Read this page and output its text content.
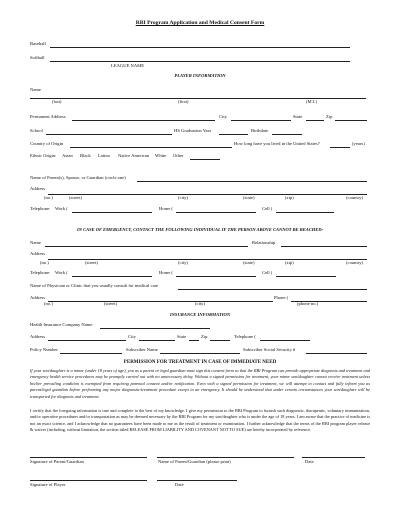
RBI Program Application and Medical Consent Form
Baseball
Softball
LEAGUE NAME
PLAYER INFORMATION
Name
(last)	(first)	(M.I.)
Permanent Address	City	State	Zip
School	HS Graduation Year	Birthdate
Country of Origin	How long have you lived in the United States?	(years)
Ethnic Origin: Asian Black Latino Native American White Other
Name of Parent(s), Spouse, or Guardian (circle one)
Address
(no.)	(street)	(city)	(state)	(zip)	(country)
Telephone: Work (	Home (	Cell (
IN CASE OF EMERGENCY, CONTACT THE FOLLOWING INDIVIDUAL IF THE PERSON ABOVE CANNOT BE REACHED:
Name	Relationship
Address
(no.)	(street)	(city)	(state)	(zip)	(country)
Telephone: Work (	Home (	Cell (
Name of Physician or Clinic that you usually consult for medical care
Address	Phone (
(no.)	(street)	(city)	(phone no.)
INSURANCE INFORMATION
Health Insurance Company Name
Address	City	State	Zip	Telephone (
Policy Number	Subscriber Name	Subscriber Social Security #
PERMISSION FOR TREATMENT IN CASE OF IMMEDIATE NEED
If your son/daughter is a minor (under 18 years of age), you as a parent or legal guardian must sign this consent form so that the RBI Program can provide appropriate diagnosis and treatment and emergency health service procedures may be promptly carried out with no unnecessary delay. Without a signed permission for treatment, your minor son/daughter cannot receive treatment unless his/her prevailing condition is exempted from requiring parental consent and/or notification. Even with a signed permission for treatment, we will attempt to contact and fully inform you as parent/legal guardian before performing any major diagnostic/treatment procedure except in an emergency. It should be understood that under certain circumstances your son/daughter will be transported for diagnosis and treatment.
I certify that the foregoing information is true and complete to the best of my knowledge. I give my permission to the RBI Program to furnish such diagnostic, therapeutic, voluntary immunization, and/or operative procedures and/or transportation as may be deemed necessary by the RBI Program for my son/daughter who is under the age of 18 years. I am aware that the practice of medicine is not an exact science, and I acknowledge that no guarantees have been made to me as the result of treatment or examination. I further acknowledge that the terms of the RBI program player release & waiver (including, without limitation, the section titled RELEASE FROM LIABILITY AND COVENANT NOT TO SUE) are hereby incorporated by reference.
Signature of Parent/Guardian	Name of Parent/Guardian (please print)	Date
Signature of Player	Date
